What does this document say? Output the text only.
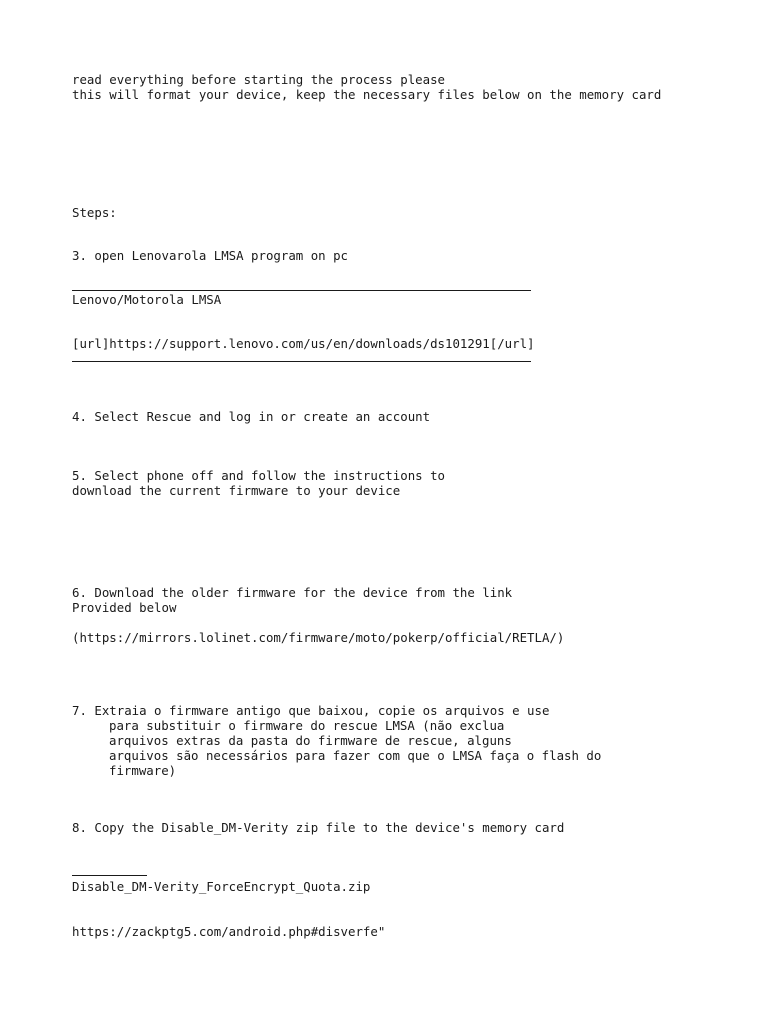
read everything before starting the process please

this will format your device, keep the necessary files below on the memory card

Steps:

3. open Lenovarola LMSA program on pc

Lenovo/Motorola LMSA

[url]https://support.lenovo.com/us/en/downloads/ds101291[/url]

4. Select Rescue and log in or create an account

5. Select phone off and follow the instructions to

download the current firmware to your device

6. Download the older firmware for the device from the link

Provided below

(https://mirrors.lolinet.com/firmware/moto/pokerp/official/RETLA/)

7. Extraia o firmware antigo que baixou, copie os arquivos e use

para substituir o firmware do rescue LMSA (não exclua

arquivos extras da pasta do firmware de rescue, alguns

arquivos são necessários para fazer com que o LMSA faça o flash do

firmware)

8. Copy the Disable_DM-Verity zip file to the device's memory card

Disable_DM-Verity_ForceEncrypt_Quota.zip

https://zackptg5.com/android.php#disverfe"
